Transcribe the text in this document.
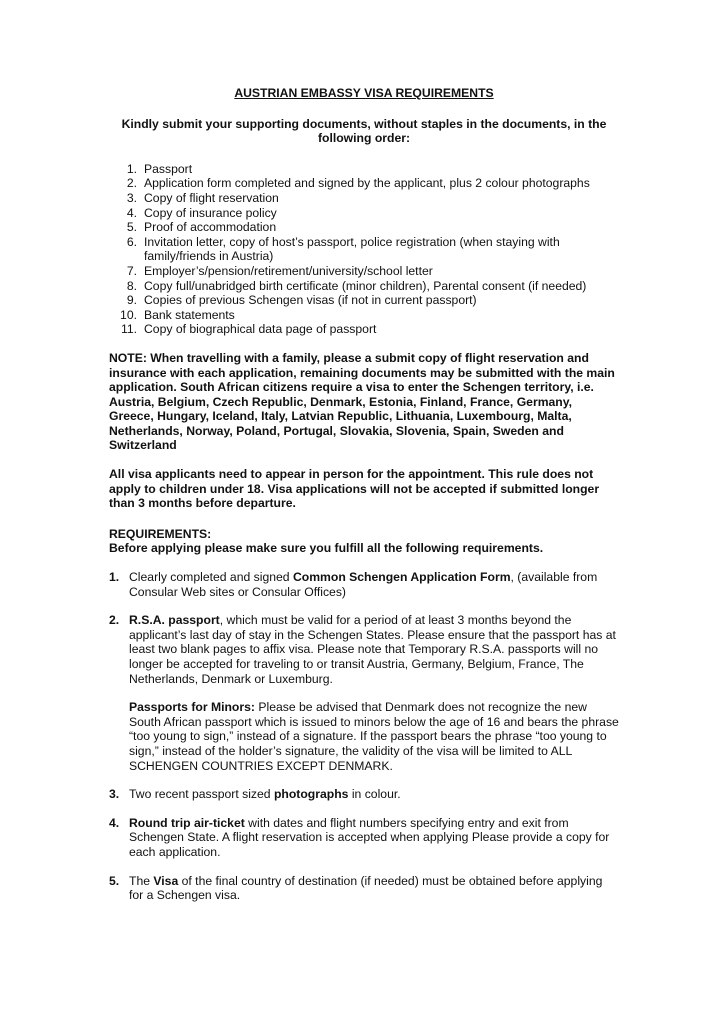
AUSTRIAN EMBASSY VISA REQUIREMENTS

Kindly submit your supporting documents, without staples in the documents, in the following order:

1. Passport
2. Application form completed and signed by the applicant, plus 2 colour photographs
3. Copy of flight reservation
4. Copy of insurance policy
5. Proof of accommodation
6. Invitation letter, copy of host’s passport, police registration (when staying with family/friends in Austria)
7. Employer’s/pension/retirement/university/school letter
8. Copy full/unabridged birth certificate (minor children), Parental consent (if needed)
9. Copies of previous Schengen visas (if not in current passport)
10. Bank statements
11. Copy of biographical data page of passport

NOTE: When travelling with a family, please a submit copy of flight reservation and insurance with each application, remaining documents may be submitted with the main application. South African citizens require a visa to enter the Schengen territory, i.e. Austria, Belgium, Czech Republic, Denmark, Estonia, Finland, France, Germany, Greece, Hungary, Iceland, Italy, Latvian Republic, Lithuania, Luxembourg, Malta, Netherlands, Norway, Poland, Portugal, Slovakia, Slovenia, Spain, Sweden and Switzerland

All visa applicants need to appear in person for the appointment. This rule does not apply to children under 18. Visa applications will not be accepted if submitted longer than 3 months before departure.

REQUIREMENTS:
Before applying please make sure you fulfill all the following requirements.
1. Clearly completed and signed Common Schengen Application Form, (available from Consular Web sites or Consular Offices)
2. R.S.A. passport, which must be valid for a period of at least 3 months beyond the applicant’s last day of stay in the Schengen States. Please ensure that the passport has at least two blank pages to affix visa. Please note that Temporary R.S.A. passports will no longer be accepted for traveling to or transit Austria, Germany, Belgium, France, The Netherlands, Denmark or Luxemburg.
Passports for Minors: Please be advised that Denmark does not recognize the new South African passport which is issued to minors below the age of 16 and bears the phrase “too young to sign,” instead of a signature. If the passport bears the phrase “too young to sign,” instead of the holder’s signature, the validity of the visa will be limited to ALL SCHENGEN COUNTRIES EXCEPT DENMARK.
3. Two recent passport sized photographs in colour.
4. Round trip air-ticket with dates and flight numbers specifying entry and exit from Schengen State. A flight reservation is accepted when applying Please provide a copy for each application.
5. The Visa of the final country of destination (if needed) must be obtained before applying for a Schengen visa.
